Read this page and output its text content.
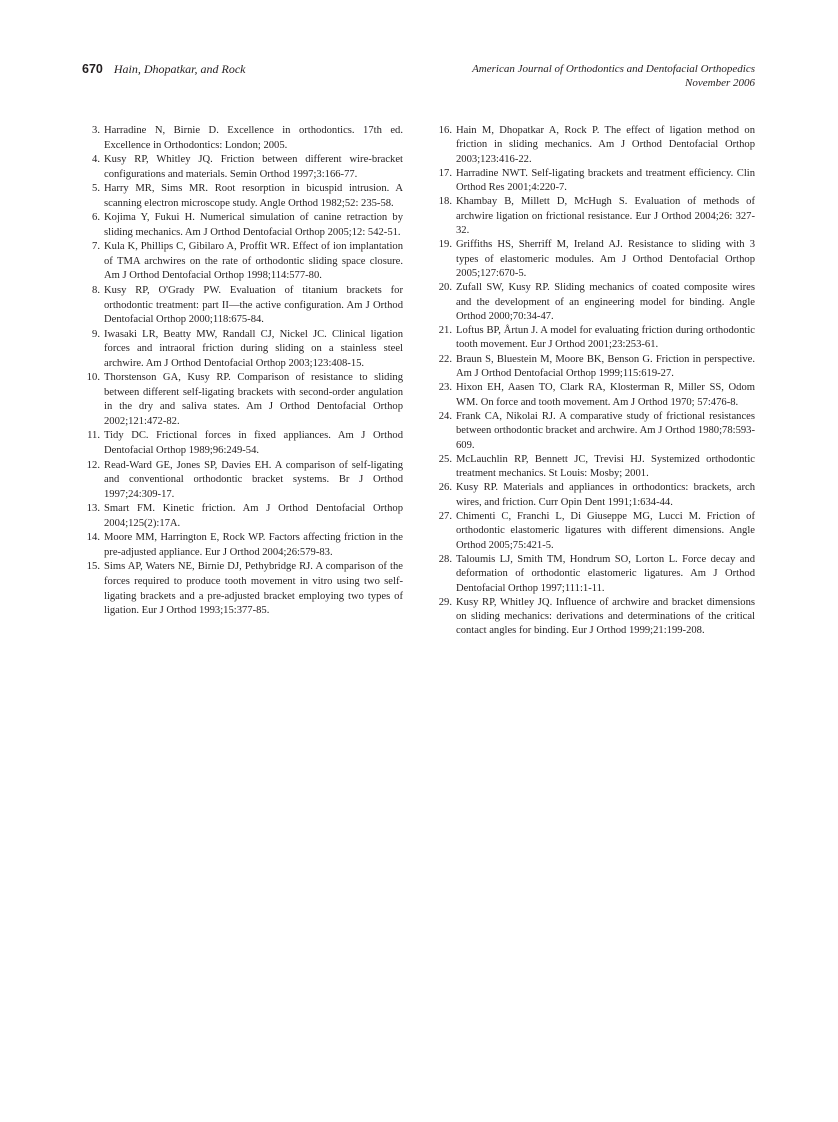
670 Hain, Dhopatkar, and Rock	American Journal of Orthodontics and Dentofacial Orthopedics
November 2006
3. Harradine N, Birnie D. Excellence in orthodontics. 17th ed. Excellence in Orthodontics: London; 2005.
4. Kusy RP, Whitley JQ. Friction between different wire-bracket configurations and materials. Semin Orthod 1997;3:166-77.
5. Harry MR, Sims MR. Root resorption in bicuspid intrusion. A scanning electron microscope study. Angle Orthod 1982;52: 235-58.
6. Kojima Y, Fukui H. Numerical simulation of canine retraction by sliding mechanics. Am J Orthod Dentofacial Orthop 2005;12: 542-51.
7. Kula K, Phillips C, Gibilaro A, Proffit WR. Effect of ion implantation of TMA archwires on the rate of orthodontic sliding space closure. Am J Orthod Dentofacial Orthop 1998;114:577-80.
8. Kusy RP, O'Grady PW. Evaluation of titanium brackets for orthodontic treatment: part II—the active configuration. Am J Orthod Dentofacial Orthop 2000;118:675-84.
9. Iwasaki LR, Beatty MW, Randall CJ, Nickel JC. Clinical ligation forces and intraoral friction during sliding on a stainless steel archwire. Am J Orthod Dentofacial Orthop 2003;123:408-15.
10. Thorstenson GA, Kusy RP. Comparison of resistance to sliding between different self-ligating brackets with second-order angulation in the dry and saliva states. Am J Orthod Dentofacial Orthop 2002;121:472-82.
11. Tidy DC. Frictional forces in fixed appliances. Am J Orthod Dentofacial Orthop 1989;96:249-54.
12. Read-Ward GE, Jones SP, Davies EH. A comparison of self-ligating and conventional orthodontic bracket systems. Br J Orthod 1997;24:309-17.
13. Smart FM. Kinetic friction. Am J Orthod Dentofacial Orthop 2004;125(2):17A.
14. Moore MM, Harrington E, Rock WP. Factors affecting friction in the pre-adjusted appliance. Eur J Orthod 2004;26:579-83.
15. Sims AP, Waters NE, Birnie DJ, Pethybridge RJ. A comparison of the forces required to produce tooth movement in vitro using two self-ligating brackets and a pre-adjusted bracket employing two types of ligation. Eur J Orthod 1993;15:377-85.
16. Hain M, Dhopatkar A, Rock P. The effect of ligation method on friction in sliding mechanics. Am J Orthod Dentofacial Orthop 2003;123:416-22.
17. Harradine NWT. Self-ligating brackets and treatment efficiency. Clin Orthod Res 2001;4:220-7.
18. Khambay B, Millett D, McHugh S. Evaluation of methods of archwire ligation on frictional resistance. Eur J Orthod 2004;26: 327-32.
19. Griffiths HS, Sherriff M, Ireland AJ. Resistance to sliding with 3 types of elastomeric modules. Am J Orthod Dentofacial Orthop 2005;127:670-5.
20. Zufall SW, Kusy RP. Sliding mechanics of coated composite wires and the development of an engineering model for binding. Angle Orthod 2000;70:34-47.
21. Loftus BP, Årtun J. A model for evaluating friction during orthodontic tooth movement. Eur J Orthod 2001;23:253-61.
22. Braun S, Bluestein M, Moore BK, Benson G. Friction in perspective. Am J Orthod Dentofacial Orthop 1999;115:619-27.
23. Hixon EH, Aasen TO, Clark RA, Klosterman R, Miller SS, Odom WM. On force and tooth movement. Am J Orthod 1970; 57:476-8.
24. Frank CA, Nikolai RJ. A comparative study of frictional resistances between orthodontic bracket and archwire. Am J Orthod 1980;78:593-609.
25. McLauchlin RP, Bennett JC, Trevisi HJ. Systemized orthodontic treatment mechanics. St Louis: Mosby; 2001.
26. Kusy RP. Materials and appliances in orthodontics: brackets, arch wires, and friction. Curr Opin Dent 1991;1:634-44.
27. Chimenti C, Franchi L, Di Giuseppe MG, Lucci M. Friction of orthodontic elastomeric ligatures with different dimensions. Angle Orthod 2005;75:421-5.
28. Taloumis LJ, Smith TM, Hondrum SO, Lorton L. Force decay and deformation of orthodontic elastomeric ligatures. Am J Orthod Dentofacial Orthop 1997;111:1-11.
29. Kusy RP, Whitley JQ. Influence of archwire and bracket dimensions on sliding mechanics: derivations and determinations of the critical contact angles for binding. Eur J Orthod 1999;21:199-208.
